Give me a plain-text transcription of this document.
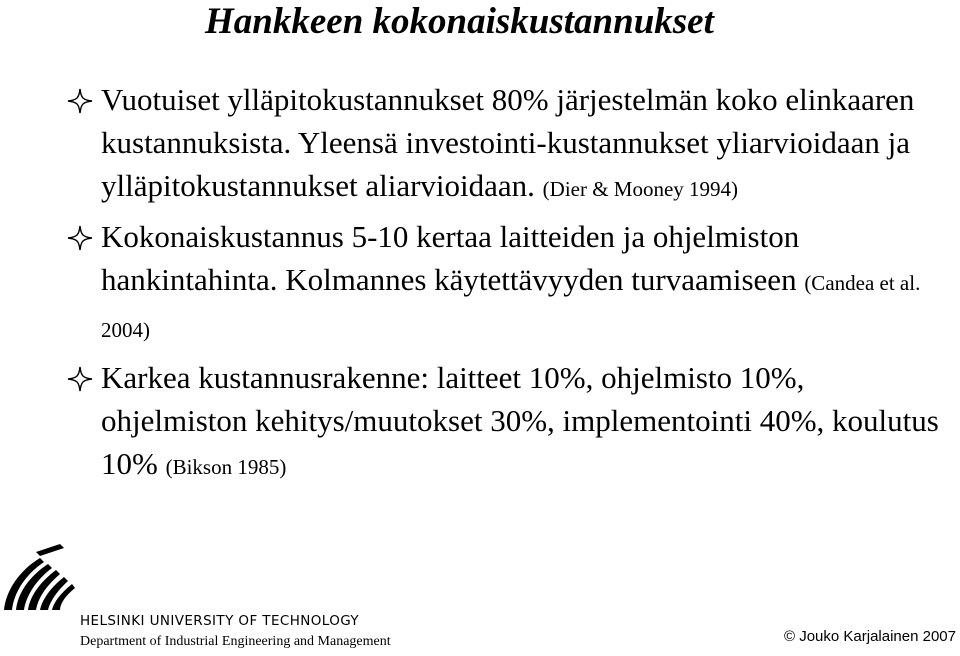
Hankkeen kokonaiskustannukset
Vuotuiset ylläpitokustannukset 80% järjestelmän koko elinkaaren kustannuksista. Yleensä investointi-kustannukset yliarvioidaan ja ylläpitokustannukset aliarvioidaan. (Dier & Mooney 1994)
Kokonaiskustannus 5-10 kertaa laitteiden ja ohjelmiston hankintahinta. Kolmannes käytettävyyden turvaamiseen (Candea et al. 2004)
Karkea kustannusrakenne: laitteet 10%, ohjelmisto 10%, ohjelmiston kehitys/muutokset 30%, implementointi 40%, koulutus 10% (Bikson 1985)
HELSINKI UNIVERSITY OF TECHNOLOGY
Department of Industrial Engineering and Management	© Jouko Karjalainen 2007
